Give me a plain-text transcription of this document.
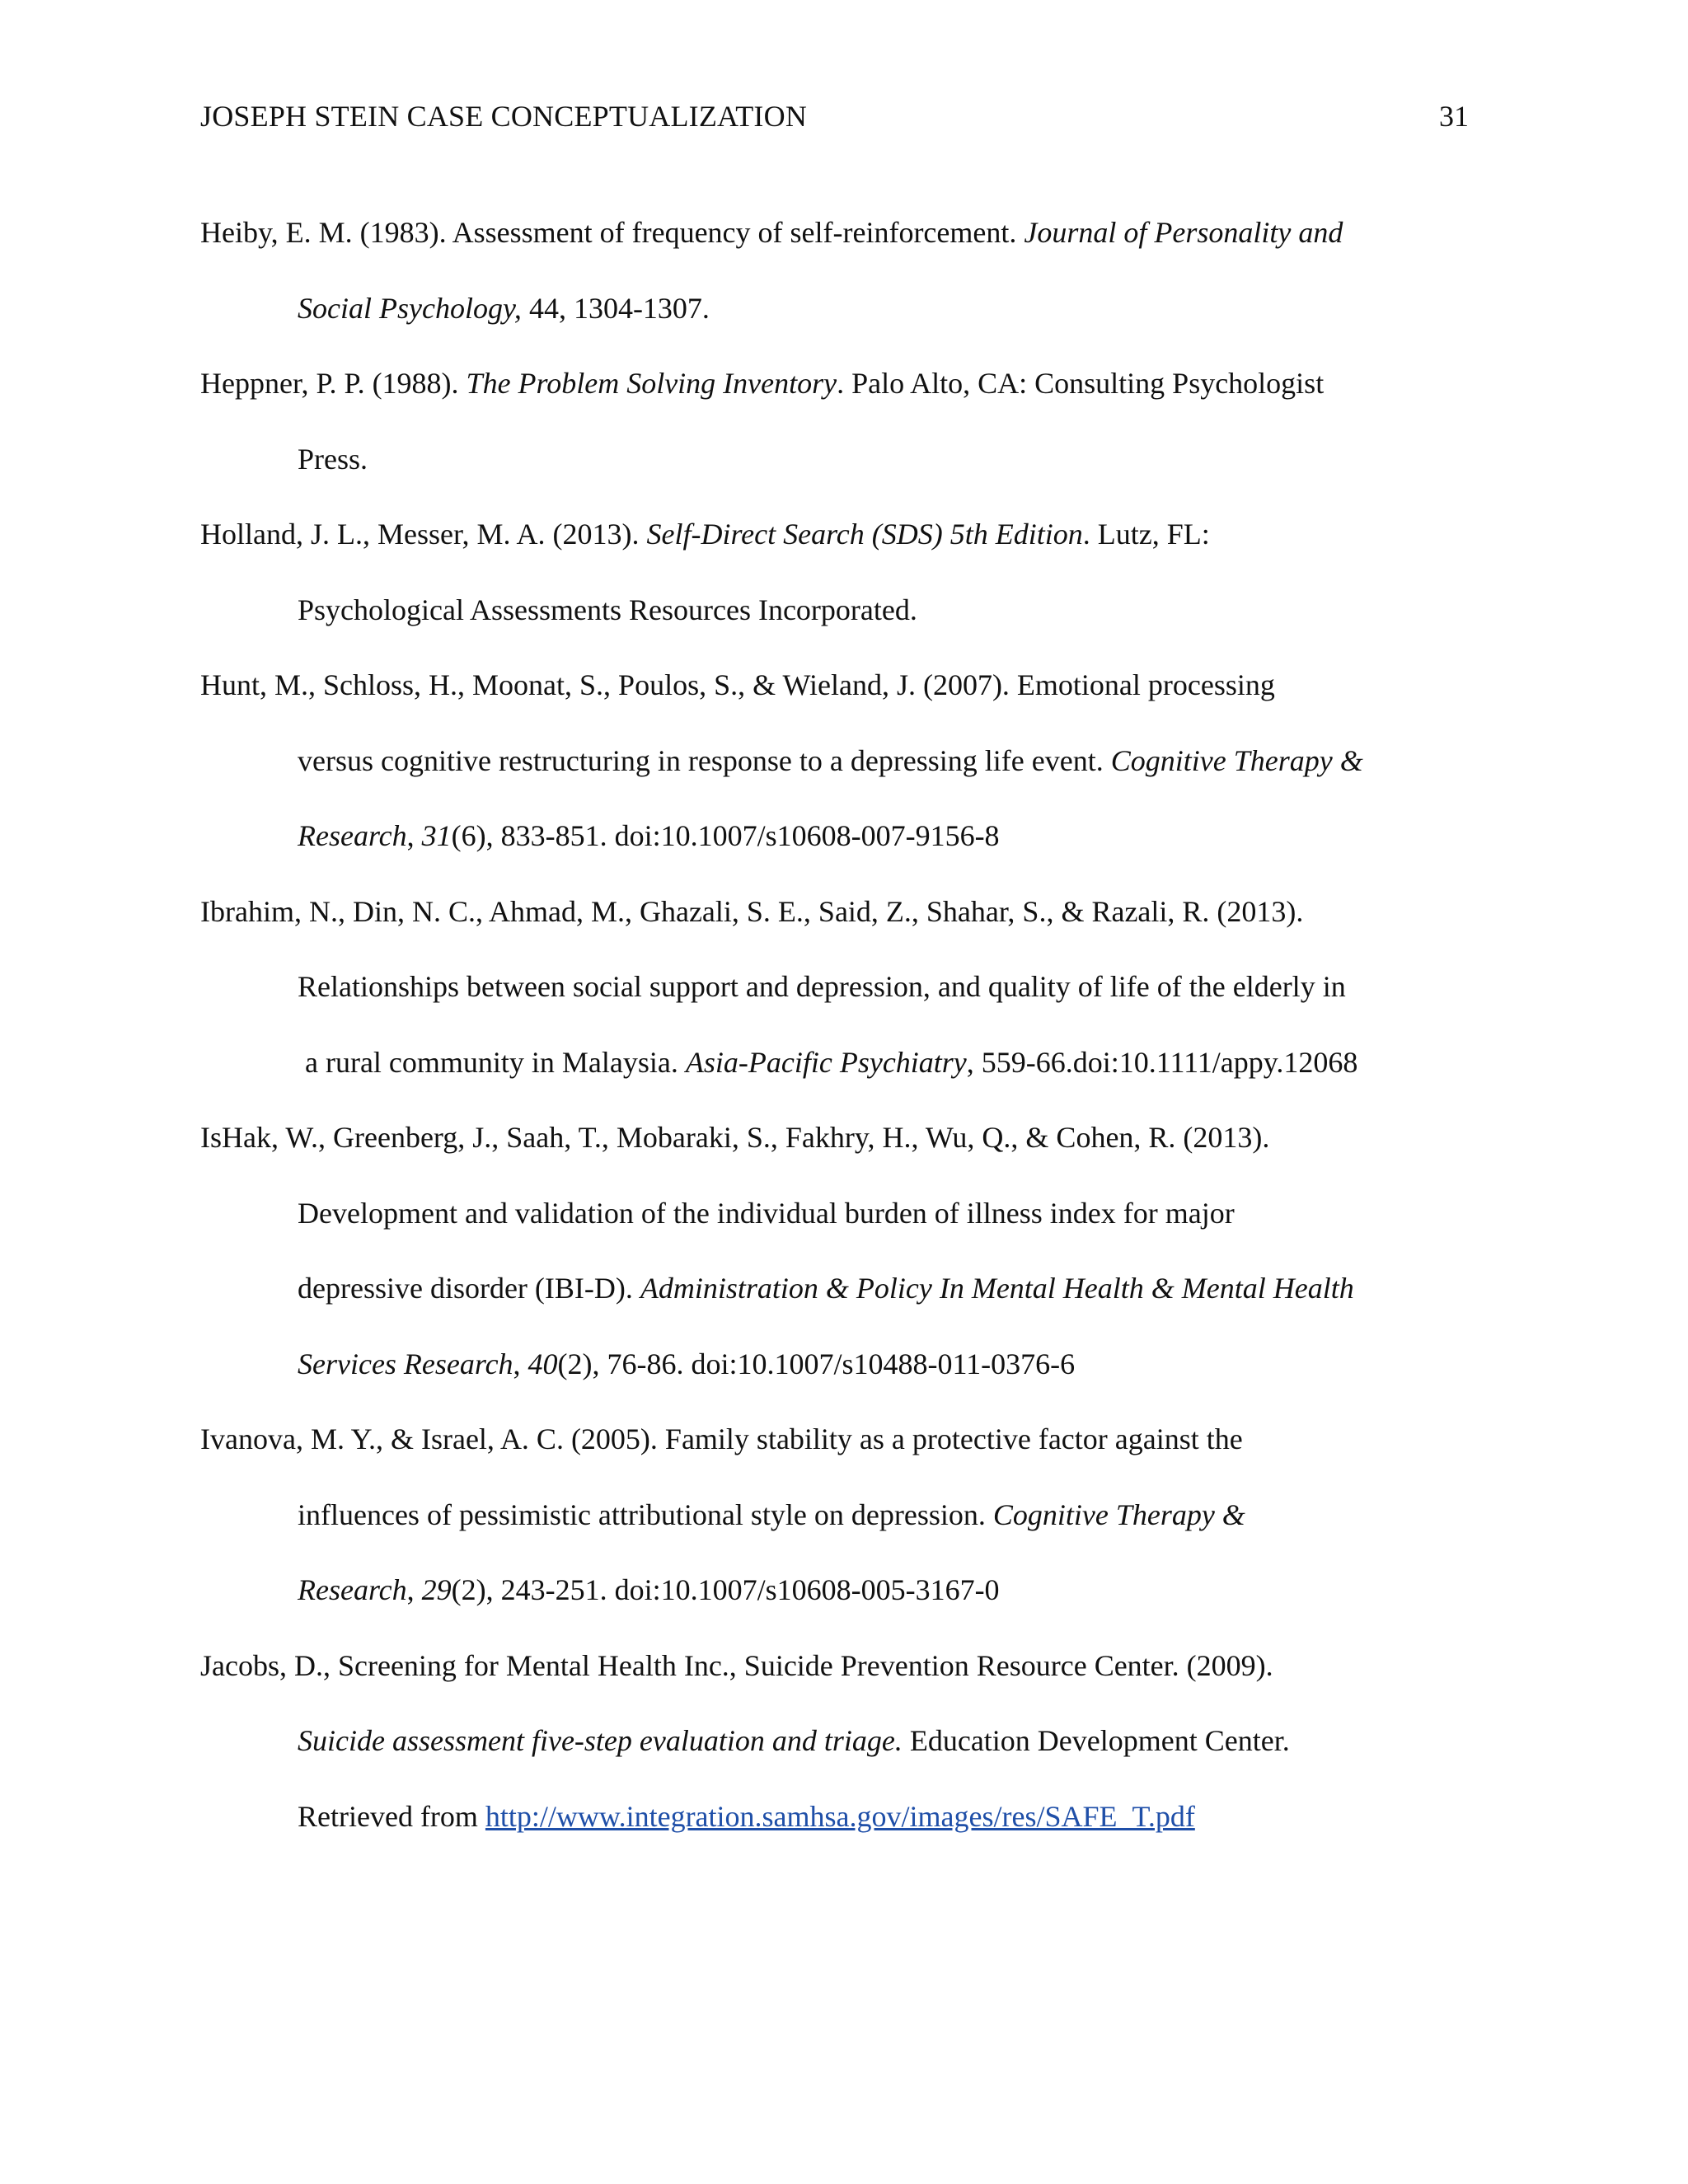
JOSEPH STEIN CASE CONCEPTUALIZATION	31
Heiby, E. M. (1983). Assessment of frequency of self-reinforcement. Journal of Personality and
Social Psychology, 44, 1304-1307.
Heppner, P. P. (1988). The Problem Solving Inventory. Palo Alto, CA: Consulting Psychologist
Press.
Holland, J. L., Messer, M. A. (2013). Self-Direct Search (SDS) 5th Edition. Lutz, FL:
Psychological Assessments Resources Incorporated.
Hunt, M., Schloss, H., Moonat, S., Poulos, S., & Wieland, J. (2007). Emotional processing
versus cognitive restructuring in response to a depressing life event. Cognitive Therapy &
Research, 31(6), 833-851. doi:10.1007/s10608-007-9156-8
Ibrahim, N., Din, N. C., Ahmad, M., Ghazali, S. E., Said, Z., Shahar, S., & Razali, R. (2013).
Relationships between social support and depression, and quality of life of the elderly in
a rural community in Malaysia. Asia-Pacific Psychiatry, 559-66.doi:10.1111/appy.12068
IsHak, W., Greenberg, J., Saah, T., Mobaraki, S., Fakhry, H., Wu, Q., & Cohen, R. (2013).
Development and validation of the individual burden of illness index for major
depressive disorder (IBI-D). Administration & Policy In Mental Health & Mental Health
Services Research, 40(2), 76-86. doi:10.1007/s10488-011-0376-6
Ivanova, M. Y., & Israel, A. C. (2005). Family stability as a protective factor against the
influences of pessimistic attributional style on depression. Cognitive Therapy &
Research, 29(2), 243-251. doi:10.1007/s10608-005-3167-0
Jacobs, D., Screening for Mental Health Inc., Suicide Prevention Resource Center. (2009).
Suicide assessment five-step evaluation and triage. Education Development Center.
Retrieved from http://www.integration.samhsa.gov/images/res/SAFE_T.pdf
